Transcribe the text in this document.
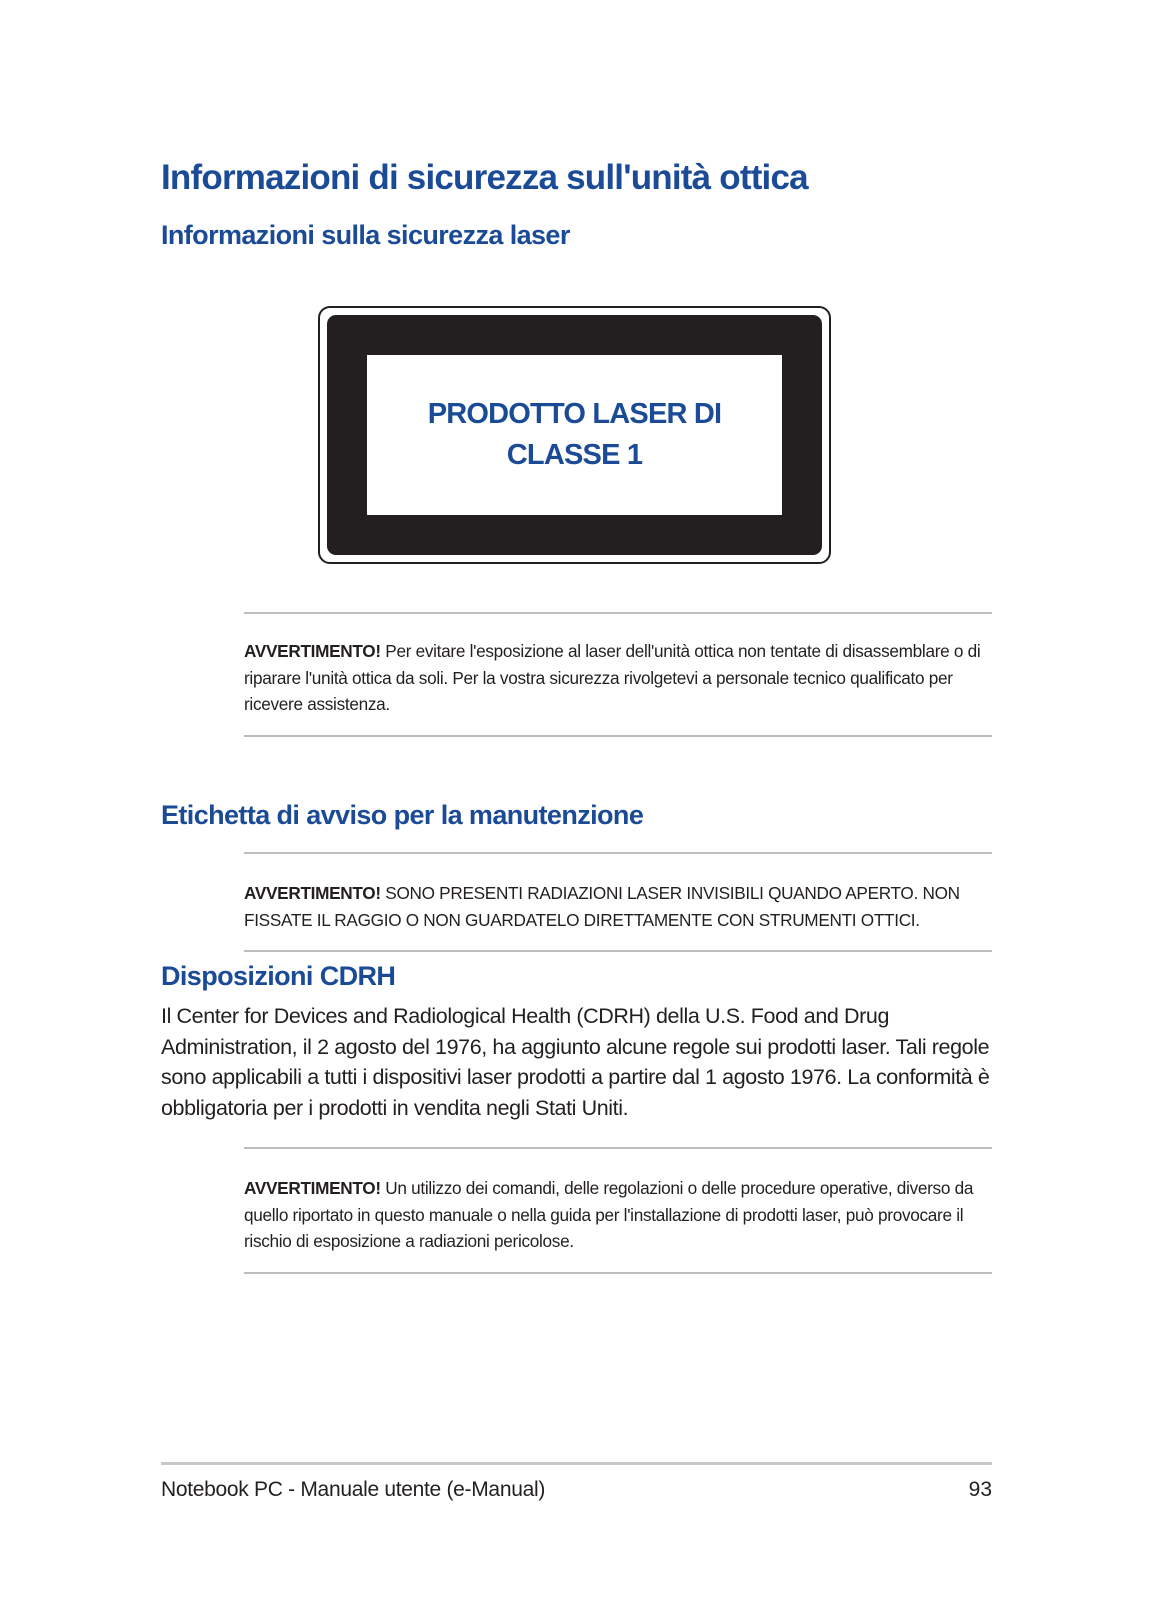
Informazioni di sicurezza sull'unità ottica
Informazioni sulla sicurezza laser
PRODOTTO LASER DI
CLASSE 1

AVVERTIMENTO! Per evitare l'esposizione al laser dell'unità ottica non tentate di disassemblare o di riparare l'unità ottica da soli. Per la vostra sicurezza rivolgetevi a personale tecnico qualificato per ricevere assistenza.

Etichetta di avviso per la manutenzione

AVVERTIMENTO! SONO PRESENTI RADIAZIONI LASER INVISIBILI QUANDO APERTO. NON FISSATE IL RAGGIO O NON GUARDATELO DIRETTAMENTE CON STRUMENTI OTTICI.

Disposizioni CDRH

Il Center for Devices and Radiological Health (CDRH) della U.S. Food and Drug Administration, il 2 agosto del 1976, ha aggiunto alcune regole sui prodotti laser. Tali regole sono applicabili a tutti i dispositivi laser prodotti a partire dal 1 agosto 1976. La conformità è obbligatoria per i prodotti in vendita negli Stati Uniti.

AVVERTIMENTO! Un utilizzo dei comandi, delle regolazioni o delle procedure operative, diverso da quello riportato in questo manuale o nella guida per l'installazione di prodotti laser, può provocare il rischio di esposizione a radiazioni pericolose.

Notebook PC - Manuale utente (e-Manual)	93
